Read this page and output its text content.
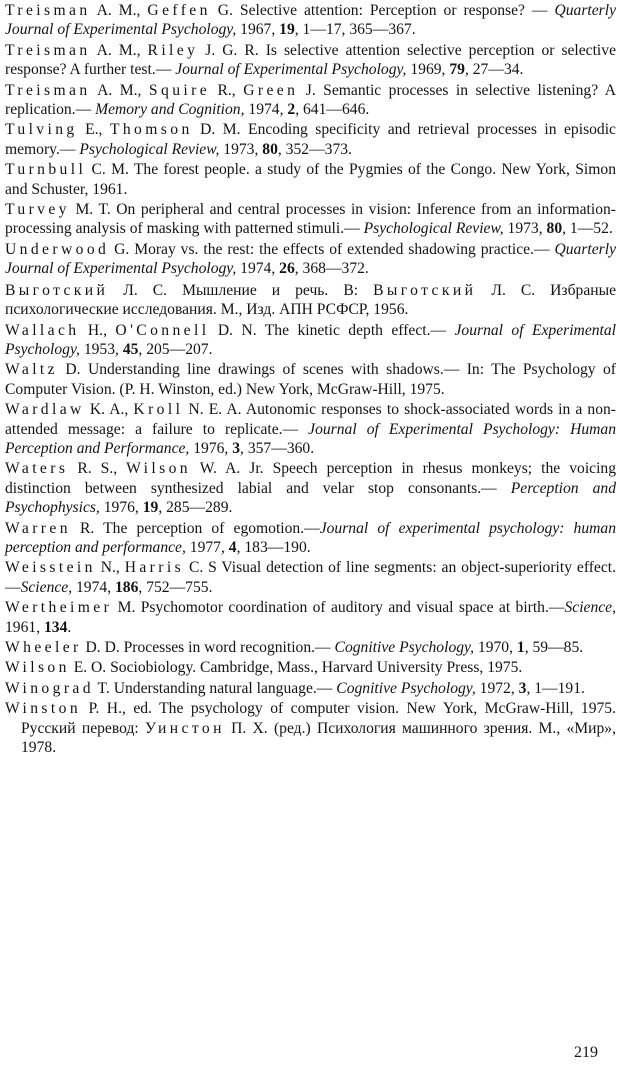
Treisman A. M., Geffen G. Selective attention: Perception or response? — Quarterly Journal of Experimental Psychology, 1967, 19, 1—17, 365—367.

Treisman A. M., Riley J. G. R. Is selective attention selective perception or selective response? A further test.— Journal of Experimental Psychology, 1969, 79, 27—34.

Treisman A. M., Squire R., Green J. Semantic processes in selective listening? A replication.— Memory and Cognition, 1974, 2, 641—646.

Tulving E., Thomson D. M. Encoding specificity and retrieval processes in episodic memory.— Psychological Review, 1973, 80, 352—373.

Turnbull C. M. The forest people. a study of the Pygmies of the Congo. New York, Simon and Schuster, 1961.

Turvey M. T. On peripheral and central processes in vision: Inference from an information-processing analysis of masking with patterned stimuli.— Psychological Review, 1973, 80, 1—52.

Underwood G. Moray vs. the rest: the effects of extended shadowing practice.— Quarterly Journal of Experimental Psychology, 1974, 26, 368—372.

Выготский Л. С. Мышление и речь. В: Выготский Л. С. Избраные психологические исследования. М., Изд. АПН РСФСР, 1956.

Wallach H., O'Connell D. N. The kinetic depth effect.— Journal of Experimental Psychology, 1953, 45, 205—207.

Waltz D. Understanding line drawings of scenes with shadows.— In: The Psychology of Computer Vision. (P. H. Winston, ed.) New York, McGraw-Hill, 1975.

Wardlaw K. A., Kroll N. E. A. Autonomic responses to shock-associated words in a non-attended message: a failure to replicate.— Journal of Experimental Psychology: Human Perception and Performance, 1976, 3, 357—360.

Waters R. S., Wilson W. A. Jr. Speech perception in rhesus monkeys; the voicing distinction between synthesized labial and velar stop consonants.— Perception and Psychophysics, 1976, 19, 285—289.

Warren R. The perception of egomotion.—Journal of experimental psychology: human perception and performance, 1977, 4, 183—190.

Weisstein N., Harris C. S Visual detection of line segments: an object-superiority effect.—Science, 1974, 186, 752—755.

Wertheimer M. Psychomotor coordination of auditory and visual space at birth.—Science, 1961, 134.

Wheeler D. D. Processes in word recognition.— Cognitive Psychology, 1970, 1, 59—85.

Wilson E. O. Sociobiology. Cambridge, Mass., Harvard University Press, 1975.

Winograd T. Understanding natural language.— Cognitive Psychology, 1972, 3, 1—191.

Winston P. H., ed. The psychology of computer vision. New York, McGraw-Hill, 1975. Русский перевод: Уинстон П. Х. (ред.) Психология машинного зрения. М., «Мир», 1978.

219
